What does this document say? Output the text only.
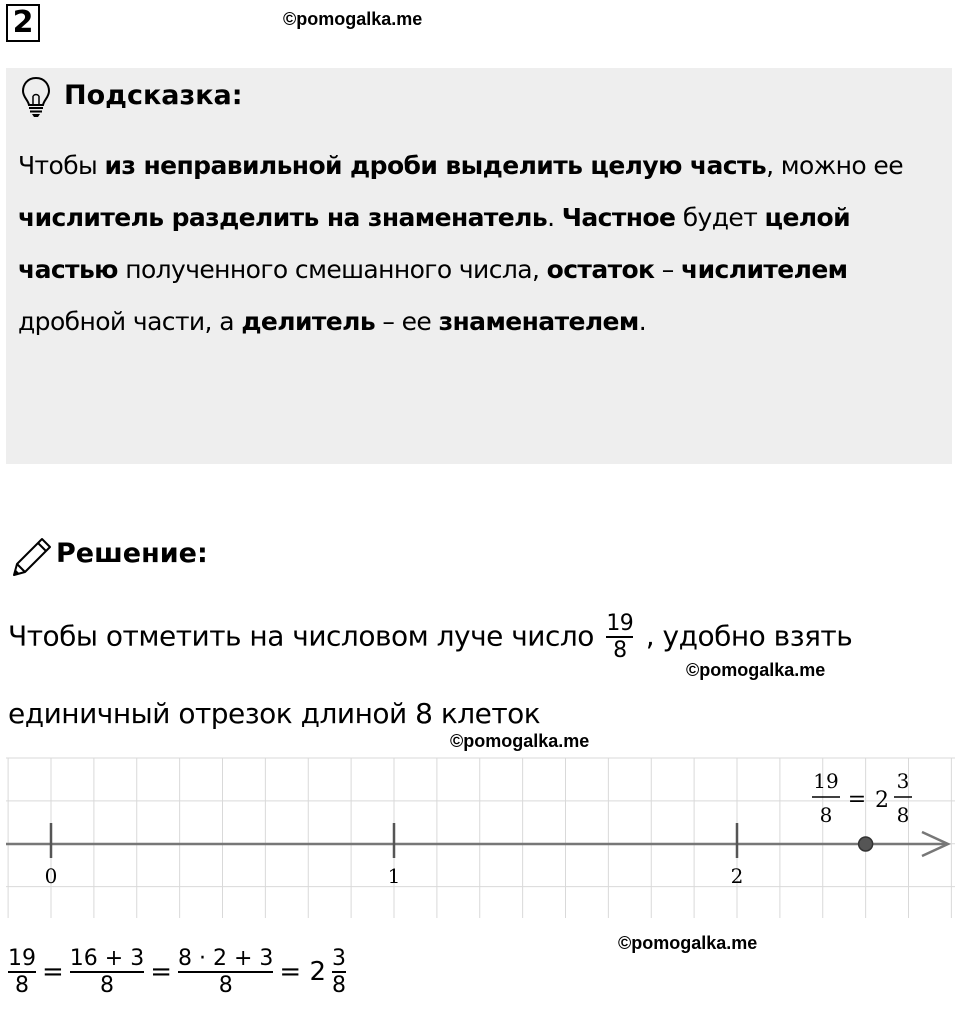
2	©pomogalka.me
©pomogalka.me
©pomogalka.me
©pomogalka.me
Подсказка:
Чтобы из неправильной дроби выделить целую часть, можно ее числитель разделить на знаменатель. Частное будет целой частью полученного смешанного числа, остаток – числителем дробной части, а делитель – ее знаменателем.
Решение:
Чтобы отметить на числовом луче число $\frac{19}{8}$ , удобно взять
единичный отрезок длиной 8 клеток
0	1	2
19
8
= 2
3
8
$\frac{19}{8} = \frac{16 + 3}{8} = \frac{8 \cdot 2 + 3}{8} = 2 \frac{3}{8}$
